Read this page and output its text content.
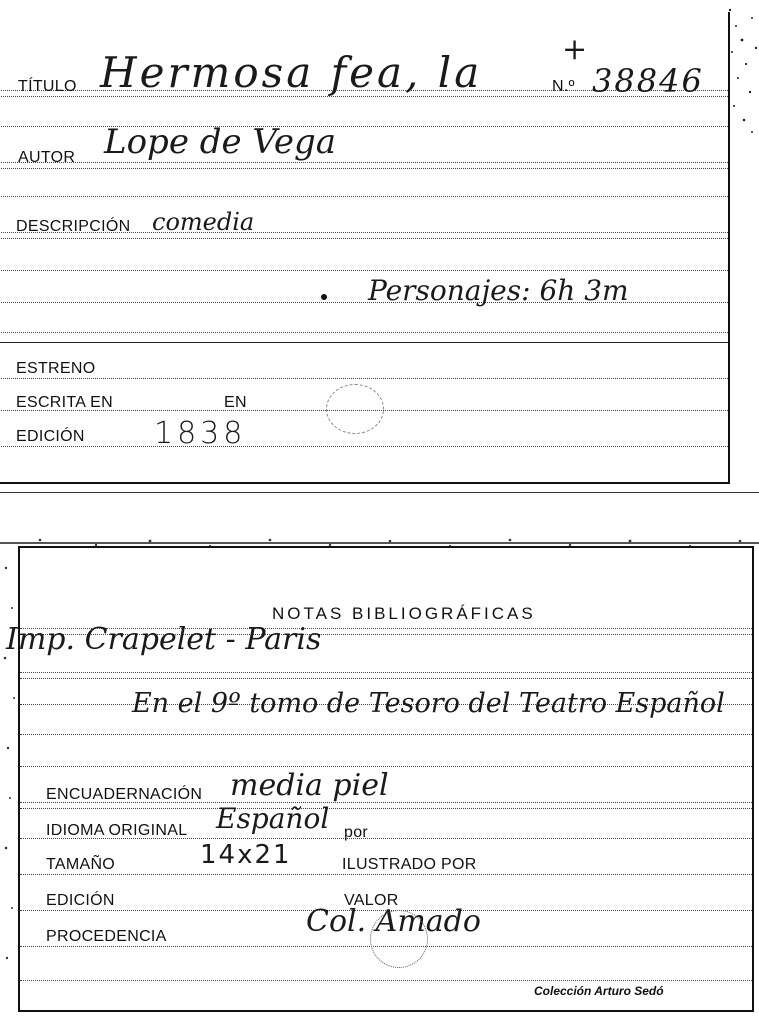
TÍTULO Hermosa fea, la	N.º 38846
+
AUTOR Lope de Vega
DESCRIPCIÓN comedia
Personajes: 6h 3m
ESTRENO
ESCRITA EN	EN
EDICIÓN 1838
NOTAS BIBLIOGRÁFICAS
Imp. Crapelet - Paris
En el 9º tomo de Tesoro del Teatro Español
ENCUADERNACIÓN media piel
IDIOMA ORIGINAL Español por
TAMAÑO	14x21	ILUSTRADO POR
EDICIÓN	VALOR
PROCEDENCIA	Col. Amado
Colección Arturo Sedó
